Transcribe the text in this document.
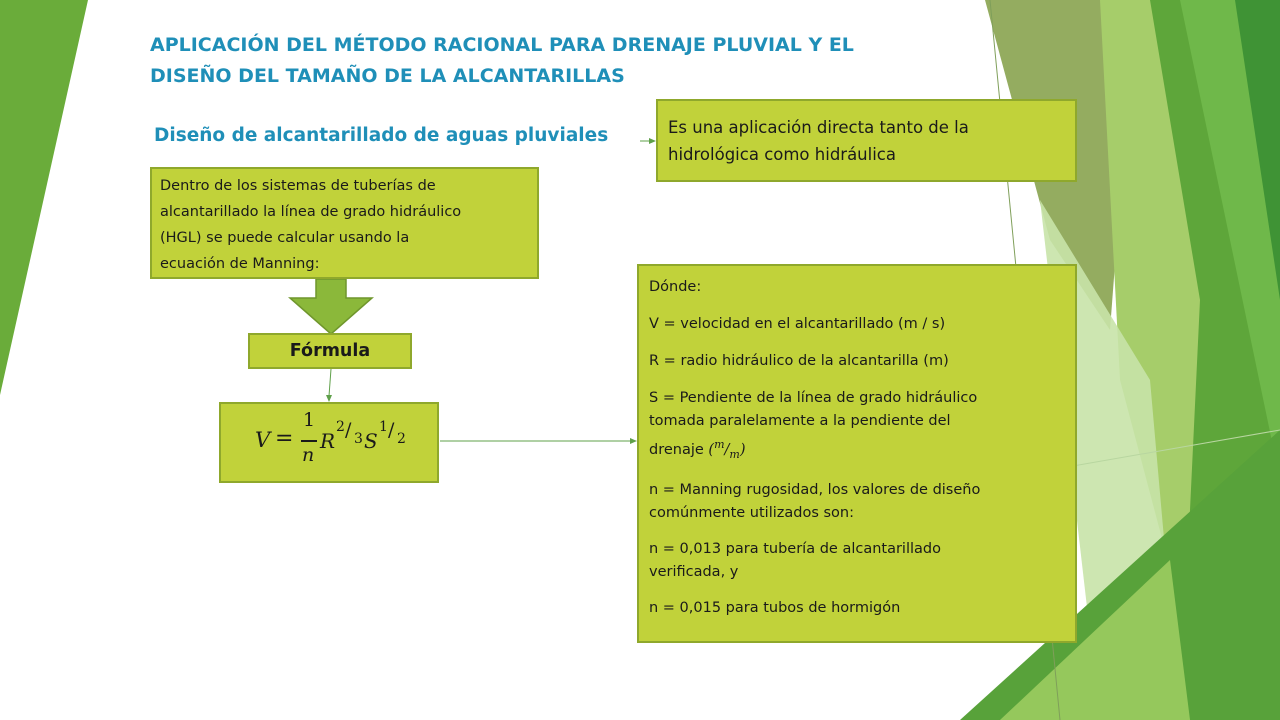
APLICACIÓN DEL MÉTODO RACIONAL PARA DRENAJE PLUVIAL Y EL
DISEÑO DEL TAMAÑO DE LA ALCANTARILLAS
Diseño de alcantarillado de aguas pluviales	Es una aplicación directa tanto de la
hidrológica como hidráulica
Dentro de los sistemas de tuberías de
alcantarillado la línea de grado hidráulico
(HGL) se puede calcular usando la
ecuación de Manning:
Fórmula
V =
1
n
R
2 / 3 S
1 / 2

Dónde:

V = velocidad en el alcantarillado (m / s)

R = radio hidráulico de la alcantarilla (m)

S = Pendiente de la línea de grado hidráulico
tomada paralelamente a la pendiente del
drenaje $(^m/_m)$

n = Manning rugosidad, los valores de diseño
comúnmente utilizados son:

n = 0,013 para tubería de alcantarillado
verificada, y

n = 0,015 para tubos de hormigón
